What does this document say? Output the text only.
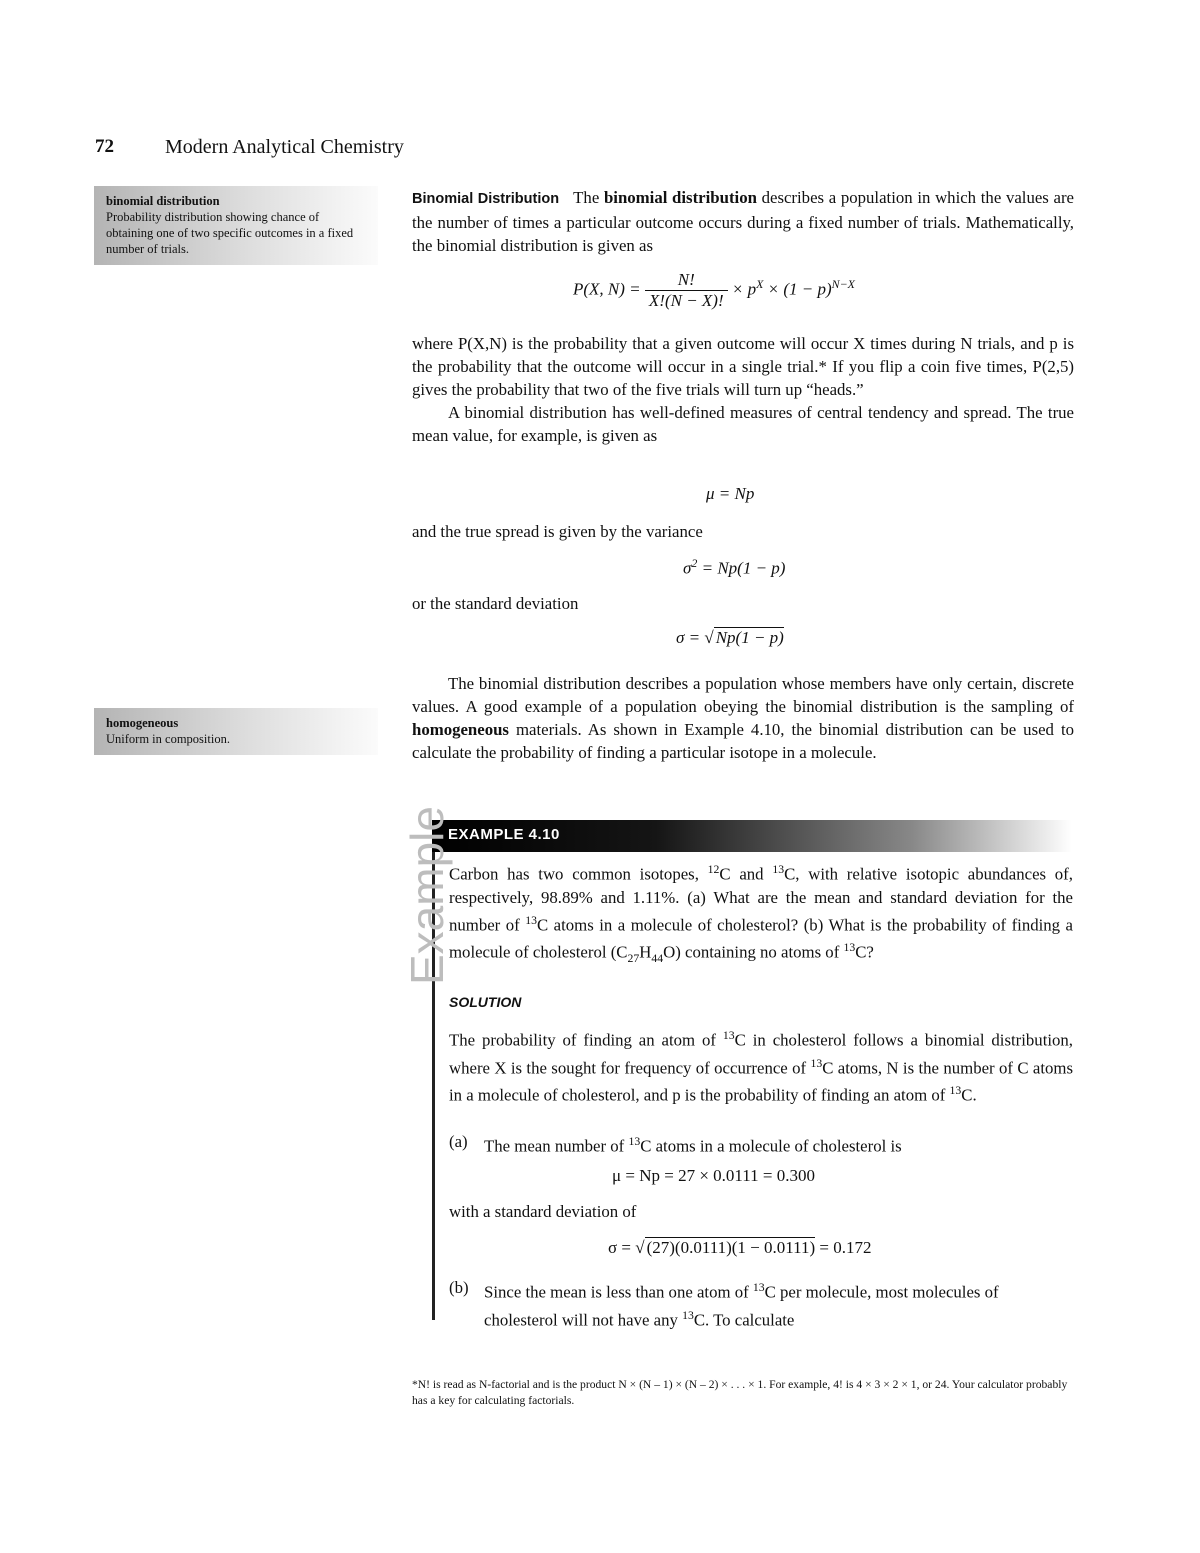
72	Modern Analytical Chemistry
binomial distribution
Probability distribution showing chance of obtaining one of two specific outcomes in a fixed number of trials.
homogeneous
Uniform in composition.

Binomial Distribution The binomial distribution describes a population in which the values are the number of times a particular outcome occurs during a fixed number of trials. Mathematically, the binomial distribution is given as

P(X, $N) = \frac{N!}{X!(N - X)!} \times p^X \times (1 - p)^{N-X}$

where P(X,N) is the probability that a given outcome will occur X times during N trials, and p is the probability that the outcome will occur in a single trial.* If you flip a coin five times, P(2,5) gives the probability that two of the five trials will turn up “heads.”

A binomial distribution has well-defined measures of central tendency and spread. The true mean value, for example, is given as

μ = Np

and the true spread is given by the variance

$\sigma^2 = Np(1 - p)$

or the standard deviation

σ = √ Np(1 − p)

The binomial distribution describes a population whose members have only certain, discrete values. A good example of a population obeying the binomial distribution is the sampling of homogeneous materials. As shown in Example 4.10, the binomial distribution can be used to calculate the probability of finding a particular isotope in a molecule.

EXAMPLE 4.10
Example

Carbon has two common isotopes, $^{12}$C and $^{13}$C, with relative isotopic abundances of, respectively, 98.89% and 1.11%. (a) What are the mean and standard deviation for the number of $^{13}$C atoms in a molecule of cholesterol? (b) What is the probability of finding a molecule of cholesterol $(C_{27}H_{44}O)$ containing no atoms of $^{13}$C?

SOLUTION

The probability of finding an atom of $^{13}$C in cholesterol follows a binomial distribution, where X is the sought for frequency of occurrence of $^{13}$C atoms, N is the number of C atoms in a molecule of cholesterol, and p is the probability of finding an atom of $^{13}$C.

(a) The mean number of $^{13}$C atoms in a molecule of cholesterol is
μ = Np = 27 × 0.0111 = 0.300

with a standard deviation of

σ = √ (27)(0.0111)(1 − 0.0111) = 0.172
(b) Since the mean is less than one atom of $^{13}$C per molecule, most molecules of cholesterol will not have any $^{13}$C. To calculate
*N! is read as N-factorial and is the product N × (N – 1) × (N – 2) × . . . × 1. For example, 4! is 4 × 3 × 2 × 1, or 24. Your calculator probably has a key for calculating factorials.
